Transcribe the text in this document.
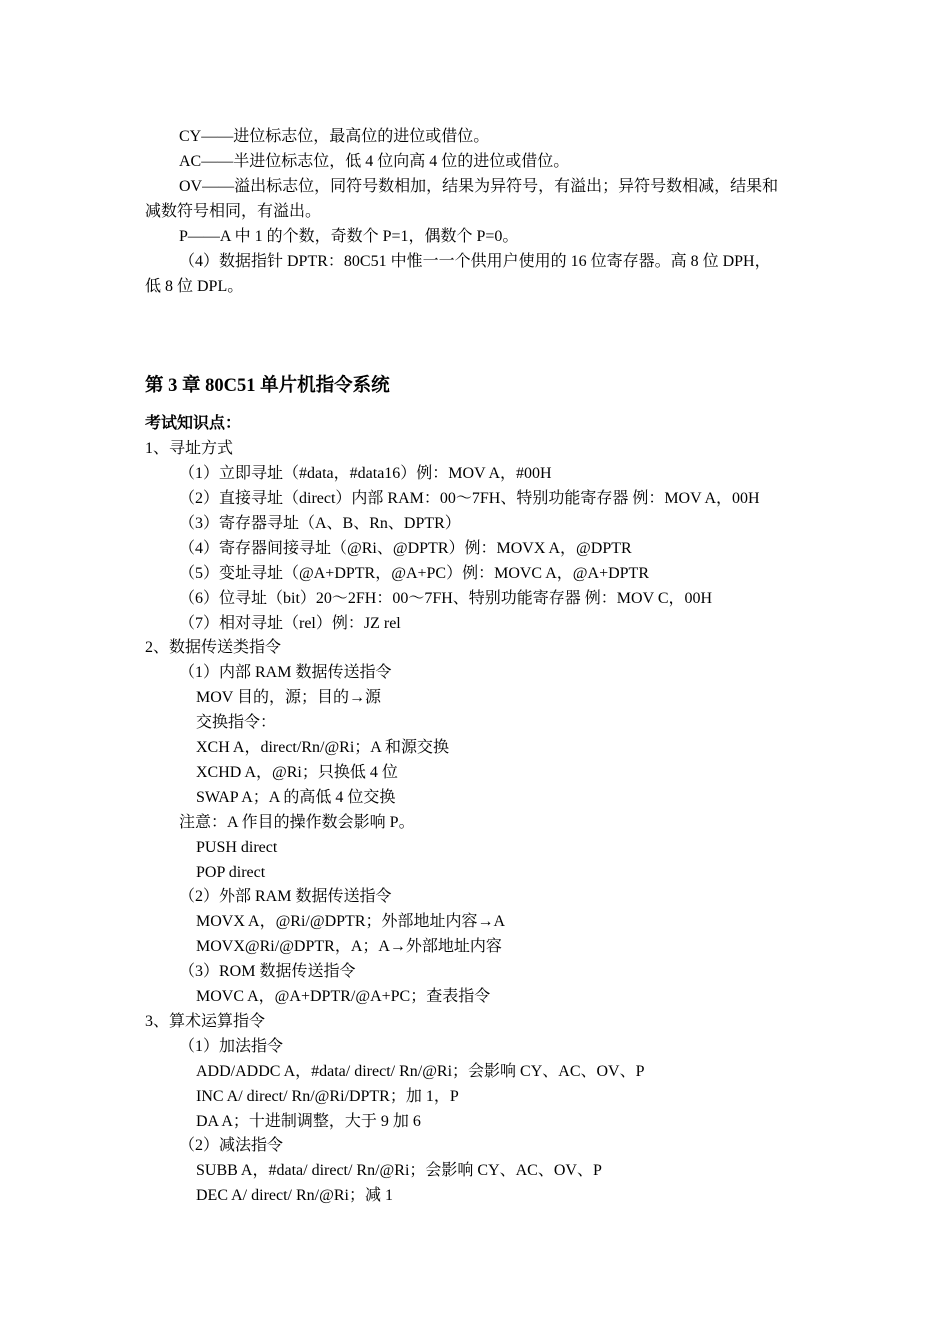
CY——进位标志位，最高位的进位或借位。
AC——半进位标志位，低 4 位向高 4 位的进位或借位。
OV——溢出标志位，同符号数相加，结果为异符号，有溢出；异符号数相减，结果和
减数符号相同，有溢出。
P——A 中 1 的个数，奇数个 P=1，偶数个 P=0。
（4）数据指针 DPTR：80C51 中惟一一个供用户使用的 16 位寄存器。高 8 位 DPH，
低 8 位 DPL。
第 3 章 80C51 单片机指令系统
考试知识点：
1、寻址方式
（1）立即寻址（#data，#data16）例：MOV A，#00H
（2）直接寻址（direct）内部 RAM：00～7FH、特别功能寄存器 例：MOV A，00H
（3）寄存器寻址（A、B、Rn、DPTR）
（4）寄存器间接寻址（@Ri、@DPTR）例：MOVX A，@DPTR
（5）变址寻址（@A+DPTR，@A+PC）例：MOVC A，@A+DPTR
（6）位寻址（bit）20～2FH：00～7FH、特别功能寄存器 例：MOV C，00H
（7）相对寻址（rel）例：JZ rel
2、数据传送类指令
（1）内部 RAM 数据传送指令
MOV 目的，源；目的→源
交换指令：
XCH A，direct/Rn/@Ri；A 和源交换
XCHD A，@Ri；只换低 4 位
SWAP A；A 的高低 4 位交换
注意：A 作目的操作数会影响 P。
PUSH direct
POP direct
（2）外部 RAM 数据传送指令
MOVX A，@Ri/@DPTR；外部地址内容→A
MOVX@Ri/@DPTR，A；A→外部地址内容
（3）ROM 数据传送指令
MOVC A，@A+DPTR/@A+PC；查表指令
3、算术运算指令
（1）加法指令
ADD/ADDC A，#data/ direct/ Rn/@Ri；会影响 CY、AC、OV、P
INC A/ direct/ Rn/@Ri/DPTR；加 1，P
DA A；十进制调整，大于 9 加 6
（2）减法指令
SUBB A，#data/ direct/ Rn/@Ri；会影响 CY、AC、OV、P
DEC A/ direct/ Rn/@Ri；减 1
